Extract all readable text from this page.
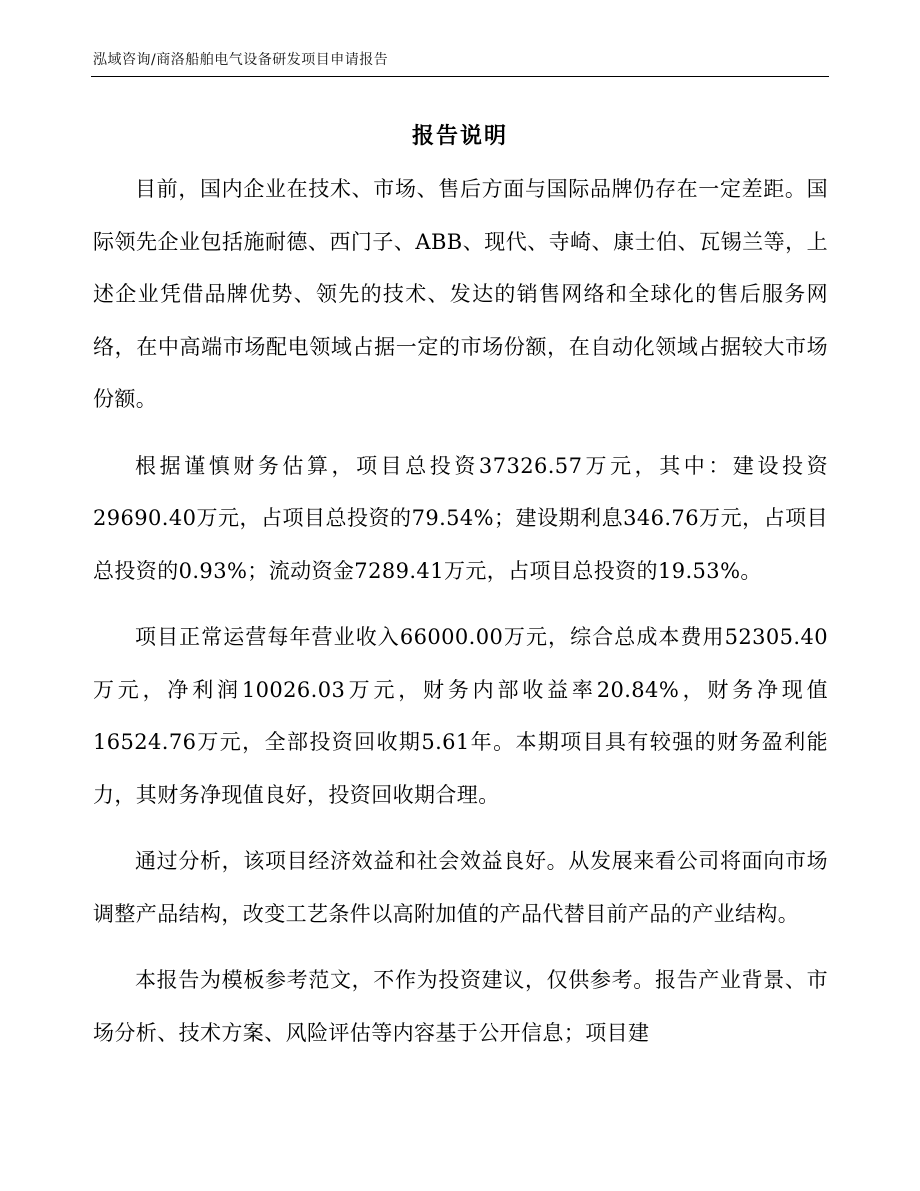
泓域咨询/商洛船舶电气设备研发项目申请报告
报告说明

目前，国内企业在技术、市场、售后方面与国际品牌仍存在一定差距。国际领先企业包括施耐德、西门子、ABB、现代、寺崎、康士伯、瓦锡兰等，上述企业凭借品牌优势、领先的技术、发达的销售网络和全球化的售后服务网络，在中高端市场配电领域占据一定的市场份额，在自动化领域占据较大市场份额。

根据谨慎财务估算，项目总投资37326.57万元，其中：建设投资29690.40万元，占项目总投资的79.54%；建设期利息346.76万元，占项目总投资的0.93%；流动资金7289.41万元，占项目总投资的19.53%。

项目正常运营每年营业收入66000.00万元，综合总成本费用52305.40万元，净利润10026.03万元，财务内部收益率20.84%，财务净现值16524.76万元，全部投资回收期5.61年。本期项目具有较强的财务盈利能力，其财务净现值良好，投资回收期合理。

通过分析，该项目经济效益和社会效益良好。从发展来看公司将面向市场调整产品结构，改变工艺条件以高附加值的产品代替目前产品的产业结构。

本报告为模板参考范文，不作为投资建议，仅供参考。报告产业背景、市场分析、技术方案、风险评估等内容基于公开信息；项目建
